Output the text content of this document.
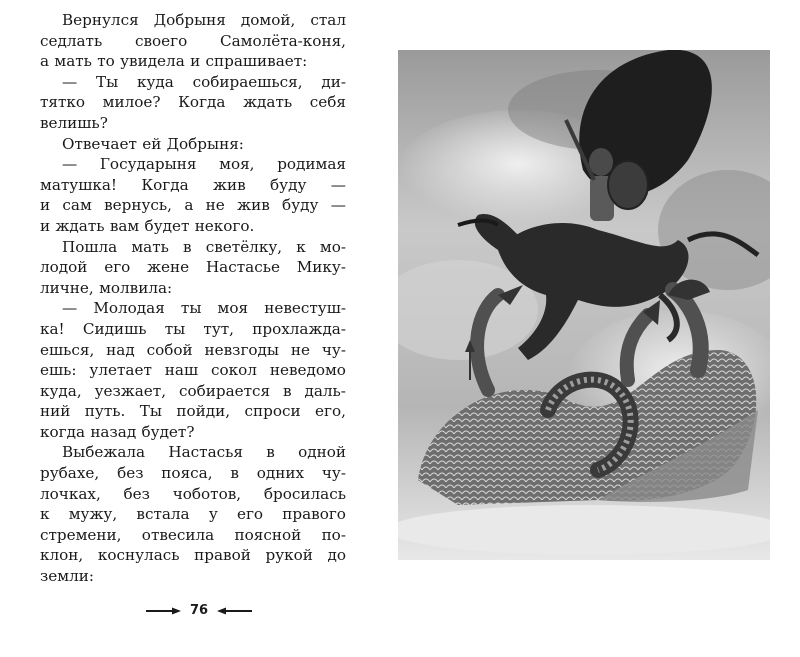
Вернулся Добрыня домой, стал
седлать своего Самолёта-коня,
а мать то увидела и спрашивает:
— Ты куда собираешься, ди-
тятко милое? Когда ждать себя
велишь?
Отвечает ей Добрыня:
— Государыня моя, родимая
матушка! Когда жив буду —
и сам вернусь, а не жив буду —
и ждать вам будет некого.
Пошла мать в светёлку, к мо-
лодой его жене Настасье Мику-
личне, молвила:
— Молодая ты моя невестуш-
ка! Сидишь ты тут, прохлажда-
ешься, над собой невзгоды не чу-
ешь: улетает наш сокол неведомо
куда, уезжает, собирается в даль-
ний путь. Ты пойди, спроси его,
когда назад будет?
Выбежала Настасья в одной
рубахе, без пояса, в одних чу-
лочках, без чоботов, бросилась
к мужу, встала у его правого
стремени, отвесила поясной по-
клон, коснулась правой рукой до
земли:
76
